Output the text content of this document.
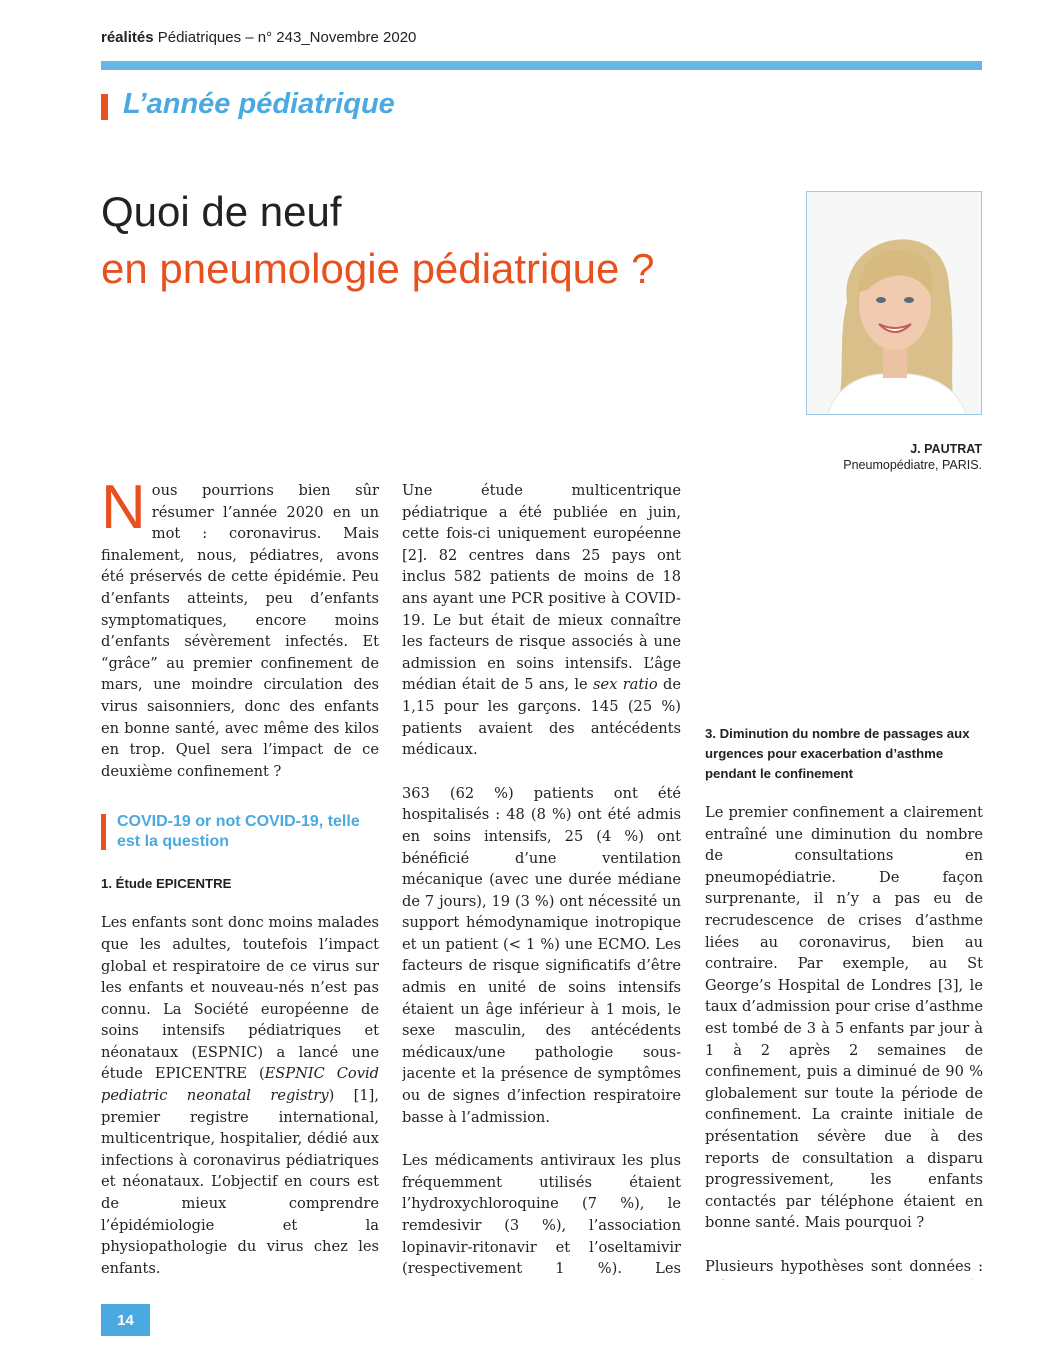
réalités Pédiatriques – n° 243_Novembre 2020
L’année pédiatrique
Quoi de neuf
en pneumologie pédiatrique ?
J. PAUTRAT
Pneumopédiatre, PARIS.

Nous pourrions bien sûr résumer l’année 2020 en un mot : coronavirus. Mais finalement, nous, pédiatres, avons été préservés de cette épidémie. Peu d’enfants atteints, peu d’enfants symptomatiques, encore moins d’enfants sévèrement infectés. Et “grâce” au premier confinement de mars, une moindre circulation des virus saisonniers, donc des enfants en bonne santé, avec même des kilos en trop. Quel sera l’impact de ce deuxième confinement ?

COVID-19 or not COVID-19, telle est la question
1. Étude EPICENTRE

Les enfants sont donc moins malades que les adultes, toutefois l’impact global et respiratoire de ce virus sur les enfants et nouveau-nés n’est pas connu. La Société européenne de soins intensifs pédiatriques et néonataux (ESPNIC) a lancé une étude EPICENTRE (ESPNIC Covid pediatric neonatal registry) [1], premier registre international, multicentrique, hospitalier, dédié aux infections à coronavirus pédiatriques et néonataux. L’objectif en cours est de mieux comprendre l’épidémiologie et la physiopathologie du virus chez les enfants.

Une étude multicentrique pédiatrique a été publiée en juin, cette fois-ci uniquement européenne [2]. 82 centres dans 25 pays ont inclus 582 patients de moins de 18 ans ayant une PCR positive à COVID-19. Le but était de mieux connaître les facteurs de risque associés à une admission en soins intensifs. L’âge médian était de 5 ans, le sex ratio de 1,15 pour les garçons. 145 (25 %) patients avaient des antécédents médicaux.

363 (62 %) patients ont été hospitalisés : 48 (8 %) ont été admis en soins intensifs, 25 (4 %) ont bénéficié d’une ventilation mécanique (avec une durée médiane de 7 jours), 19 (3 %) ont nécessité un support hémodynamique inotropique et un patient (< 1 %) une ECMO. Les facteurs de risque significatifs d’être admis en unité de soins intensifs étaient un âge inférieur à 1 mois, le sexe masculin, des antécédents médicaux/une pathologie sous-jacente et la présence de symptômes ou de signes d’infection respiratoire basse à l’admission.

Les médicaments antiviraux les plus fréquemment utilisés étaient l’hydroxychloroquine (7 %), le remdesivir (3 %), l’association lopinavir-ritonavir et l’oseltamivir (respectivement 1 %). Les

3. Diminution du nombre de passages aux urgences pour exacerbation d’asthme pendant le confinement

Le premier confinement a clairement entraîné une diminution du nombre de consultations en pneumopédiatrie. De façon surprenante, il n’y a pas eu de recrudescence de crises d’asthme liées au coronavirus, bien au contraire. Par exemple, au St George’s Hospital de Londres [3], le taux d’admission pour crise d’asthme est tombé de 3 à 5 enfants par jour à 1 à 2 après 2 semaines de confinement, puis a diminué de 90 % globalement sur toute la période de confinement. La crainte initiale de présentation sévère due à des reports de consultation a disparu progressivement, les enfants contactés par téléphone étaient en bonne santé. Mais pourquoi ?

Plusieurs hypothèses sont données :

14
